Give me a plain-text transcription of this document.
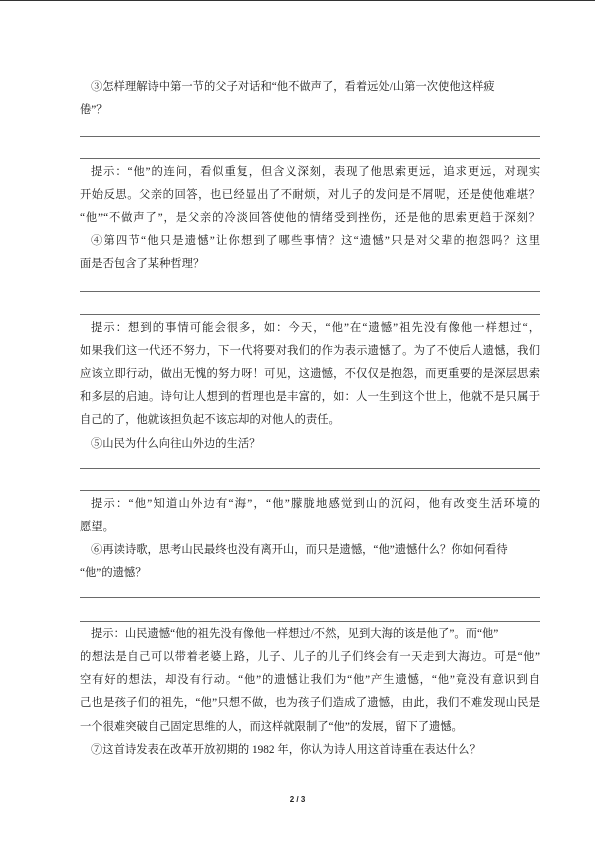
③怎样理解诗中第一节的父子对话和“他不做声了，看着远处/山第一次使他这样疲
倦”？
提示：“他”的连问，看似重复，但含义深刻，表现了他思索更远，追求更远，对现实
开始反思。父亲的回答，也已经显出了不耐烦，对儿子的发问是不屑呢，还是使他难堪？
“他”“不做声了”，是父亲的冷淡回答使他的情绪受到挫伤，还是他的思索更趋于深刻？
④第四节“他只是遗憾”让你想到了哪些事情？这“遗憾”只是对父辈的抱怨吗？这里
面是否包含了某种哲理？
提示：想到的事情可能会很多，如：今天，“他”在“遗憾”祖先没有像他一样想过“，
如果我们这一代还不努力，下一代将要对我们的作为表示遗憾了。为了不使后人遗憾，我们
应该立即行动，做出无愧的努力呀！可见，这遗憾，不仅仅是抱怨，而更重要的是深层思索
和多层的启迪。诗句让人想到的哲理也是丰富的，如：人一生到这个世上，他就不是只属于
自己的了，他就该担负起不该忘却的对他人的责任。
⑤山民为什么向往山外边的生活？
提示：“他”知道山外边有“海”，“他”朦胧地感觉到山的沉闷，他有改变生活环境的
愿望。
⑥再读诗歌，思考山民最终也没有离开山，而只是遗憾，“他”遗憾什么？你如何看待
“他”的遗憾？
提示：山民遗憾“他的祖先没有像他一样想过/不然，见到大海的该是他了”。而“他”
的想法是自己可以带着老婆上路，儿子、儿子的儿子们终会有一天走到大海边。可是“他”
空有好的想法，却没有行动。“他”的遗憾让我们为“他”产生遗憾，“他”竟没有意识到自
己也是孩子们的祖先，“他”只想不做，也为孩子们造成了遗憾，由此，我们不难发现山民是
一个很难突破自己固定思维的人，而这样就限制了“他”的发展，留下了遗憾。
⑦这首诗发表在改革开放初期的 1982 年，你认为诗人用这首诗重在表达什么？
2 / 3
